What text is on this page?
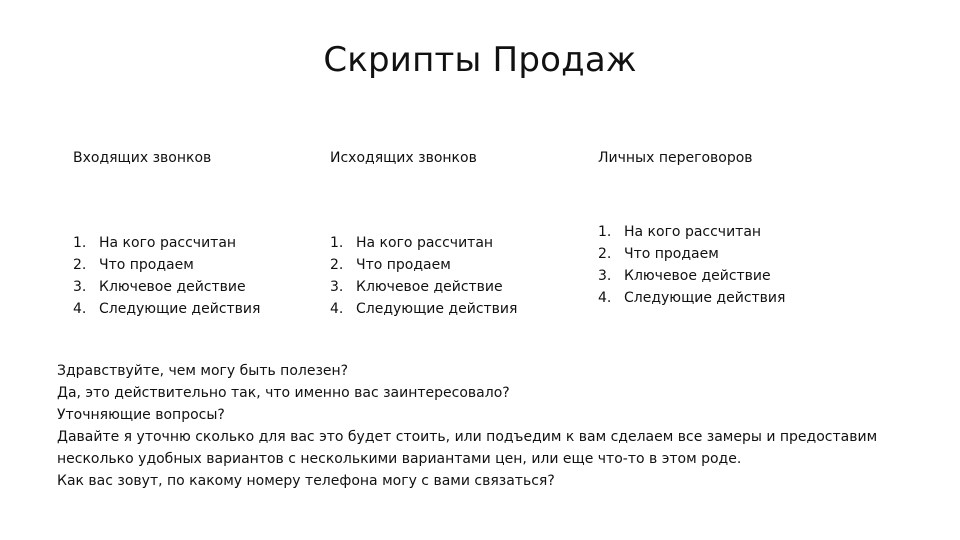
Скрипты Продаж
Входящих звонков
1. На кого рассчитан
2. Что продаем
3. Ключевое действие
4. Следующие действия
Исходящих звонков
1. На кого рассчитан
2. Что продаем
3. Ключевое действие
4. Следующие действия
Личных переговоров
1. На кого рассчитан
2. Что продаем
3. Ключевое действие
4. Следующие действия
Здравствуйте, чем могу быть полезен?
Да, это действительно так, что именно вас заинтересовало?
Уточняющие вопросы?
Давайте я уточню сколько для вас это будет стоить, или подъедим к вам сделаем все замеры и предоставим
несколько удобных вариантов с несколькими вариантами цен, или еще что-то в этом роде.
Как вас зовут, по какому номеру телефона могу с вами связаться?
